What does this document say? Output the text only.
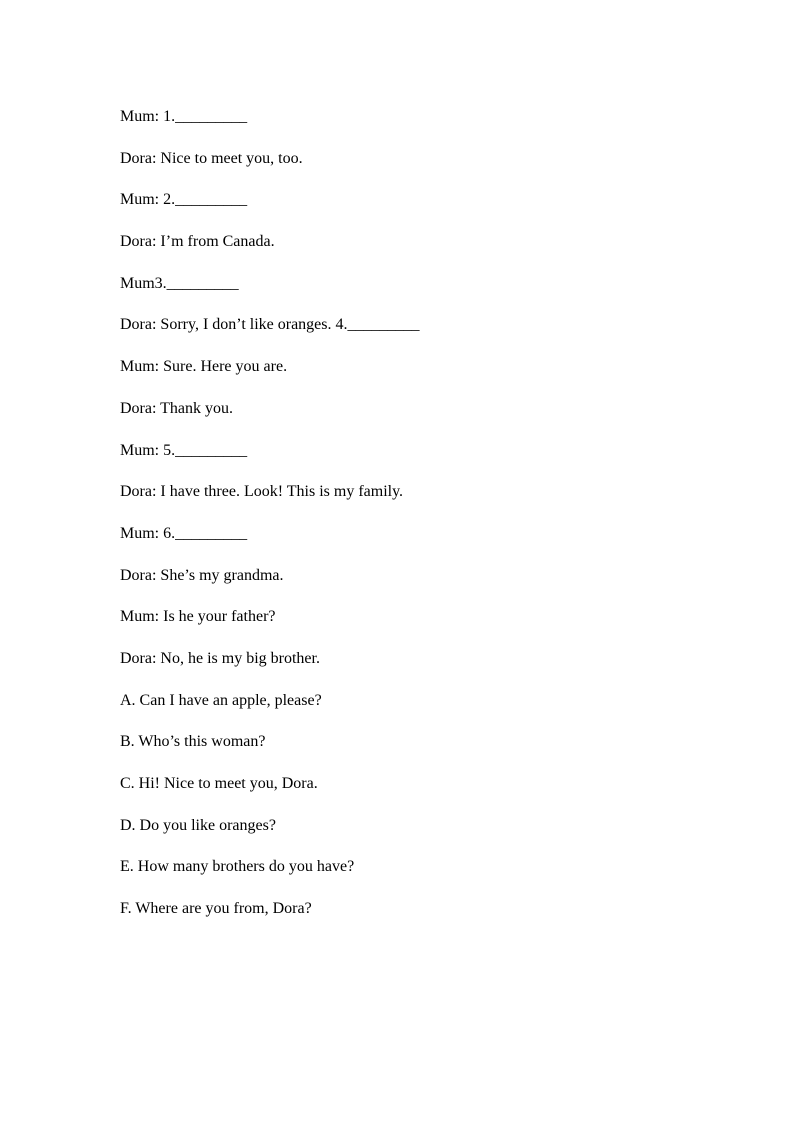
Mum: 1._________
Dora: Nice to meet you, too.
Mum: 2._________
Dora: I’m from Canada.
Mum3._________
Dora: Sorry, I don’t like oranges. 4._________
Mum: Sure. Here you are.
Dora: Thank you.
Mum: 5._________
Dora: I have three. Look! This is my family.
Mum: 6._________
Dora: She’s my grandma.
Mum: Is he your father?
Dora: No, he is my big brother.
A. Can I have an apple, please?
B. Who’s this woman?
C. Hi! Nice to meet you, Dora.
D. Do you like oranges?
E. How many brothers do you have?
F. Where are you from, Dora?
